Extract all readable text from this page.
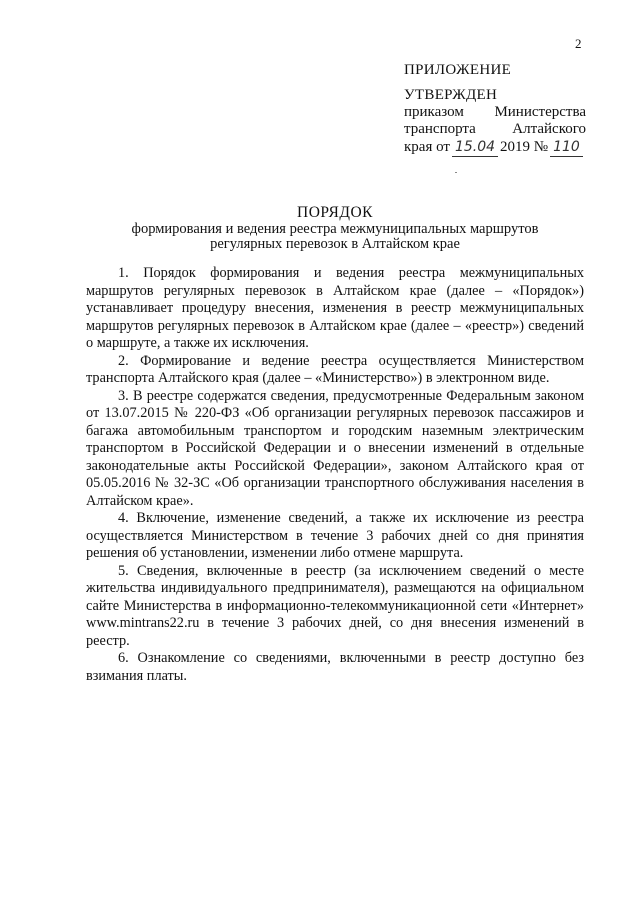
2
ПРИЛОЖЕНИЕ
УТВЕРЖДЕН
приказом Министерства
транспорта Алтайского
края от 15.04 2019 № 110
ПОРЯДОК
формирования и ведения реестра межмуниципальных маршрутов
регулярных перевозок в Алтайском крае

1. Порядок формирования и ведения реестра межмуниципальных маршрутов регулярных перевозок в Алтайском крае (далее – «Порядок») устанавливает процедуру внесения, изменения в реестр межмуниципальных маршрутов регулярных перевозок в Алтайском крае (далее – «реестр») сведений о маршруте, а также их исключения.

2. Формирование и ведение реестра осуществляется Министерством транспорта Алтайского края (далее – «Министерство») в электронном виде.

3. В реестре содержатся сведения, предусмотренные Федеральным законом от 13.07.2015 № 220-ФЗ «Об организации регулярных перевозок пассажиров и багажа автомобильным транспортом и городским наземным электрическим транспортом в Российской Федерации и о внесении изменений в отдельные законодательные акты Российской Федерации», законом Алтайского края от 05.05.2016 № 32-ЗС «Об организации транспортного обслуживания населения в Алтайском крае».

4. Включение, изменение сведений, а также их исключение из реестра осуществляется Министерством в течение 3 рабочих дней со дня принятия решения об установлении, изменении либо отмене маршрута.

5. Сведения, включенные в реестр (за исключением сведений о месте жительства индивидуального предпринимателя), размещаются на официальном сайте Министерства в информационно-телекоммуникационной сети «Интернет» www.mintrans22.ru в течение 3 рабочих дней, со дня внесения изменений в реестр.

6. Ознакомление со сведениями, включенными в реестр доступно без взимания платы.
